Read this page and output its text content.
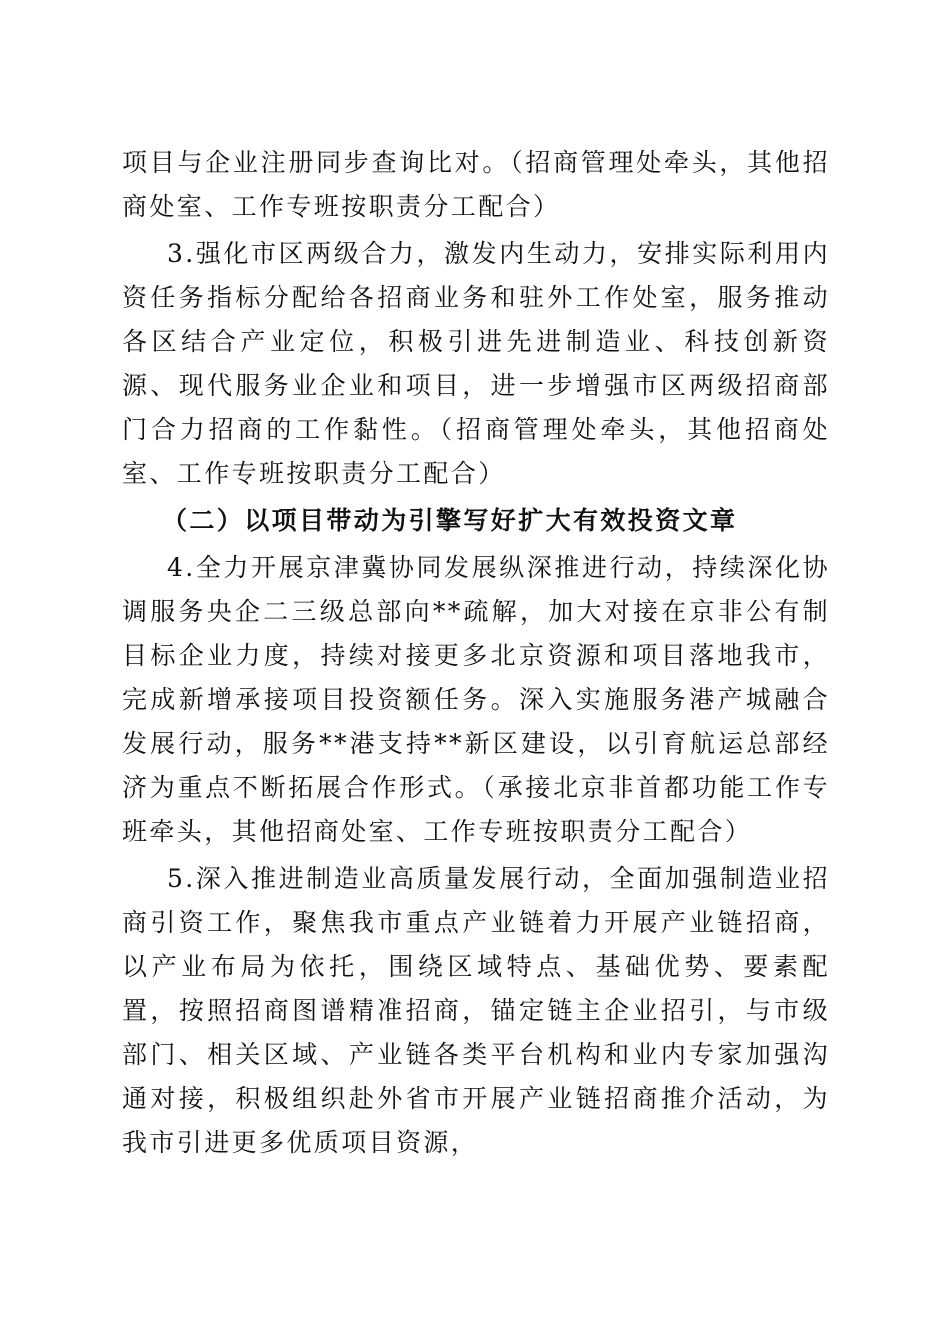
项目与企业注册同步查询比对。（招商管理处牵头，其他招商处室、工作专班按职责分工配合）

3.强化市区两级合力，激发内生动力，安排实际利用内资任务指标分配给各招商业务和驻外工作处室，服务推动各区结合产业定位，积极引进先进制造业、科技创新资源、现代服务业企业和项目，进一步增强市区两级招商部门合力招商的工作黏性。（招商管理处牵头，其他招商处室、工作专班按职责分工配合）

（二）以项目带动为引擎写好扩大有效投资文章

4.全力开展京津冀协同发展纵深推进行动，持续深化协调服务央企二三级总部向**疏解，加大对接在京非公有制目标企业力度，持续对接更多北京资源和项目落地我市，完成新增承接项目投资额任务。深入实施服务港产城融合发展行动，服务**港支持**新区建设，以引育航运总部经济为重点不断拓展合作形式。（承接北京非首都功能工作专班牵头，其他招商处室、工作专班按职责分工配合）

5.深入推进制造业高质量发展行动，全面加强制造业招商引资工作，聚焦我市重点产业链着力开展产业链招商，以产业布局为依托，围绕区域特点、基础优势、要素配置，按照招商图谱精准招商，锚定链主企业招引，与市级部门、相关区域、产业链各类平台机构和业内专家加强沟通对接，积极组织赴外省市开展产业链招商推介活动，为我市引进更多优质项目资源，
